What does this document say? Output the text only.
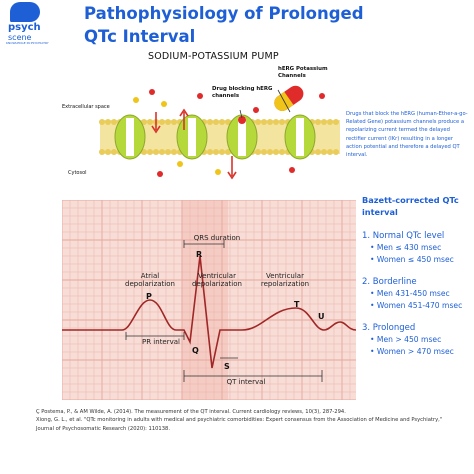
psych
scene
KNOWLEDGE IN PSYCHIATRY
Pathophysiology of Prolonged QTc Interval
SODIUM-POTASSIUM PUMP
Extracellular space
Cytosol
Drug blocking hERG channels
hERG Potassium Channels
Drugs that block the hERG (human-Ether-a-go-Related Gene) potassium channels produce a repolarizing current termed the delayed rectifier current (IKr) resulting in a longer action potential and therefore a delayed QT interval.
QRS duration
Atrial depolarization
Ventricular depolarization
Ventricular repolarization
PR interval
QT interval
P
R
Q
S
T
U
Bazett-corrected QTc interval
1. Normal QTc level
• Men ≤ 430 msec
• Women ≤ 450 msec
2. Borderline
• Men 431-450 msec
• Women 451-470 msec
3. Prolonged
• Men > 450 msec
• Women > 470 msec
Ç Postema, P., & AM Wilde, A. (2014). The measurement of the QT interval. Current cardiology reviews, 10(3), 287-294.
Xiong, G. L., et al. "QTc monitoring in adults with medical and psychiatric comorbidities: Expert consensus from the Association of Medicine and Psychiatry," Journal of Psychosomatic Research (2020): 110138.
